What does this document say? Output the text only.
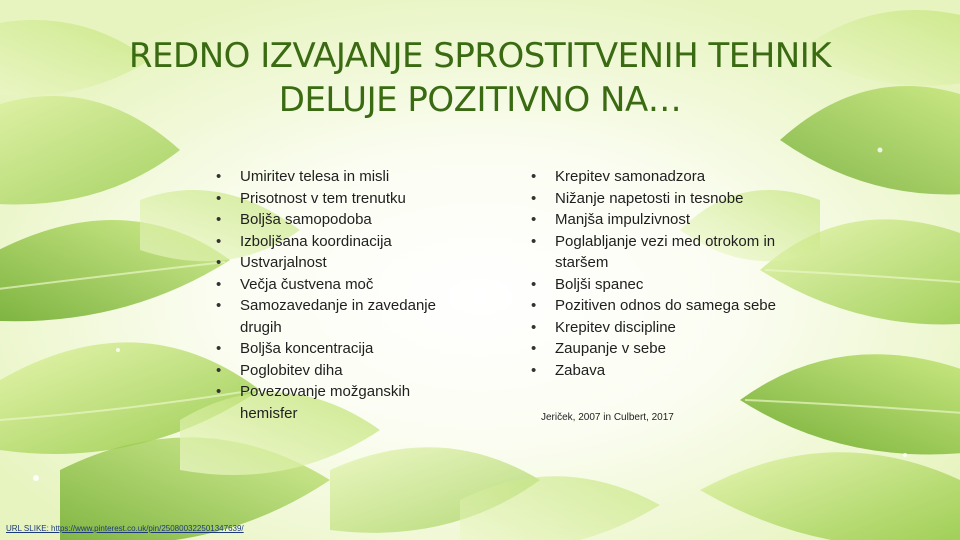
REDNO IZVAJANJE SPROSTITVENIH TEHNIK
DELUJE POZITIVNO NA…
• Umiritev telesa in misli
• Prisotnost v tem trenutku
• Boljša samopodoba
• Izboljšana koordinacija
• Ustvarjalnost
• Večja čustvena moč
• Samozavedanje in zavedanje drugih
• Boljša koncentracija
• Poglobitev diha
• Povezovanje možganskih hemisfer
• Krepitev samonadzora
• Nižanje napetosti in tesnobe
• Manjša impulzivnost
• Poglabljanje vezi med otrokom in staršem
• Boljši spanec
• Pozitiven odnos do samega sebe
• Krepitev discipline
• Zaupanje v sebe
• Zabava
Jeriček, 2007 in Culbert, 2017
URL SLIKE: https://www.pinterest.co.uk/pin/250800322501347639/
